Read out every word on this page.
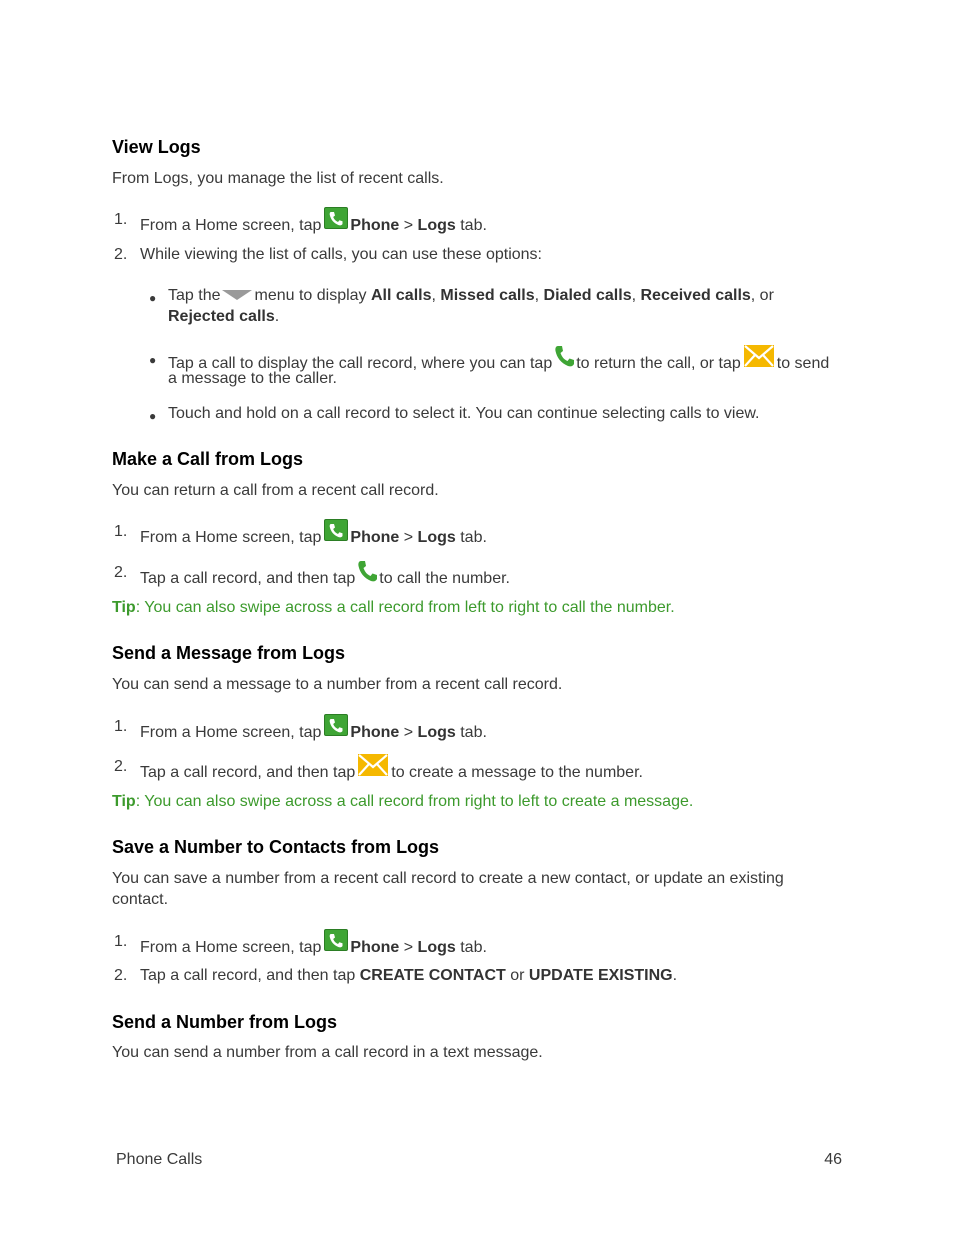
View Logs
From Logs, you manage the list of recent calls.
1. From a Home screen, tap Phone > Logs tab.
2. While viewing the list of calls, you can use these options:
● Tap the menu to display All calls, Missed calls, Dialed calls, Received calls, or
Rejected calls.
● Tap a call to display the call record, where you can tap to return the call, or tap to send
a message to the caller.
● Touch and hold on a call record to select it. You can continue selecting calls to view.
Make a Call from Logs
You can return a call from a recent call record.
1. From a Home screen, tap Phone > Logs tab.
2. Tap a call record, and then tap to call the number.
Tip: You can also swipe across a call record from left to right to call the number.
Send a Message from Logs
You can send a message to a number from a recent call record.
1. From a Home screen, tap Phone > Logs tab.
2. Tap a call record, and then tap to create a message to the number.
Tip: You can also swipe across a call record from right to left to create a message.
Save a Number to Contacts from Logs
You can save a number from a recent call record to create a new contact, or update an existing
contact.
1. From a Home screen, tap Phone > Logs tab.
2. Tap a call record, and then tap CREATE CONTACT or UPDATE EXISTING.
Send a Number from Logs
You can send a number from a call record in a text message.
Phone Calls	46
